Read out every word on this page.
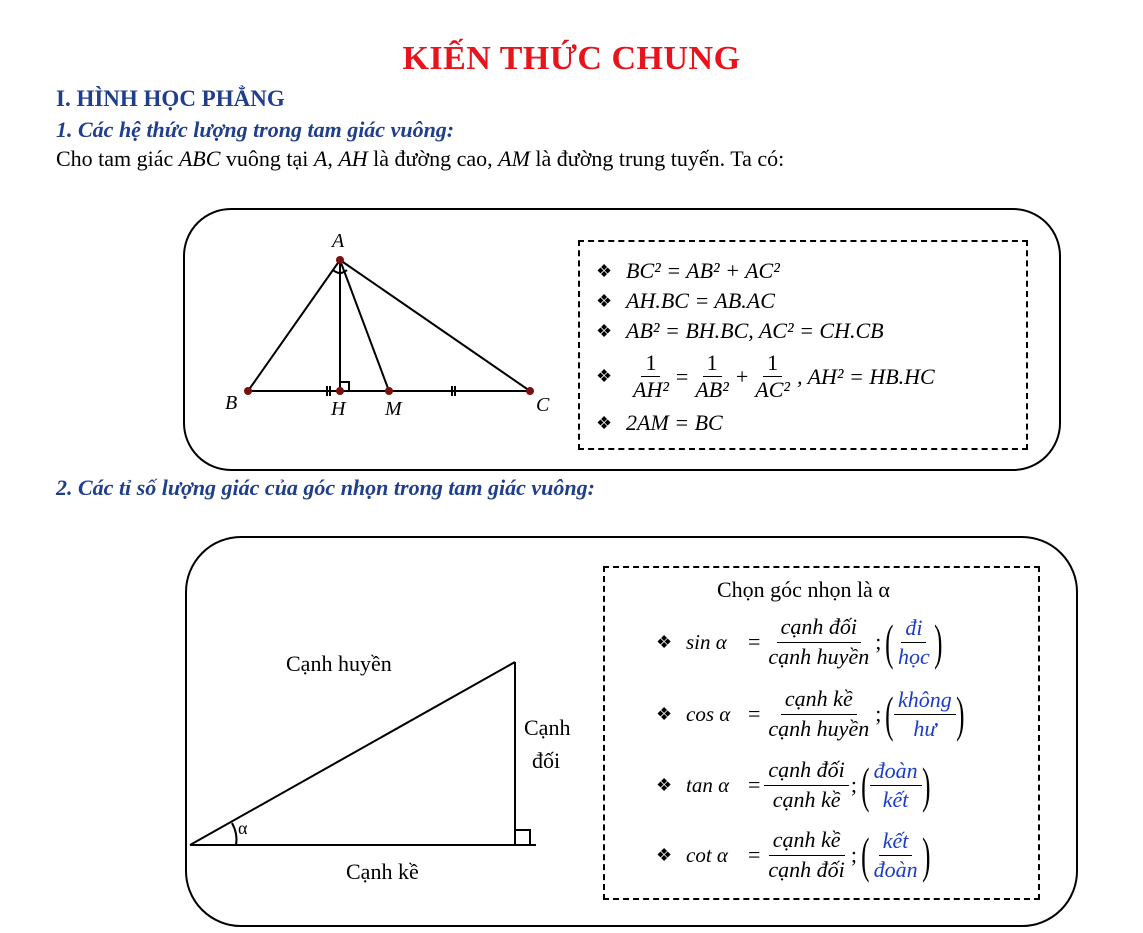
KIẾN THỨC CHUNG
I. HÌNH HỌC PHẲNG
1. Các hệ thức lượng trong tam giác vuông:
Cho tam giác ABC vuông tại A, AH là đường cao, AM là đường trung tuyến. Ta có:
A
B	C
H M
❖ BC² = AB² + AC²
❖ AH.BC = AB.AC
❖ AB² = BH.BC, AC² = CH.CB
❖ $\frac{1}{\text{AH²}} = \frac{1}{\text{AB²}} + \frac{1}{\text{AC²}}$ , AH² = HB.HC
❖ 2AM = BC
2. Các tỉ số lượng giác của góc nhọn trong tam giác vuông:
Cạnh huyền
Cạnh
đối
Cạnh kề
α
Chọn góc nhọn là α
❖ $\sin \alpha = \frac{\text{cạnh đối}}{\text{cạnh huyền}}$ ; ( $\frac{đi}{\text{học}}$ )
❖ $\cos \alpha = \frac{\text{cạnh kề}}{\text{cạnh huyền}}$ ; ( $\frac{\text{không}}{hư}$ )
❖ $\tan \alpha = \frac{\text{cạnh đối}}{\text{cạnh kề}}$ ; ( $\frac{\text{đoàn}}{\text{kết}}$ )
❖ $\cot \alpha = \frac{\text{cạnh kề}}{\text{cạnh đối}}$ ; ( $\frac{\text{kết}}{\text{đoàn}}$ )
